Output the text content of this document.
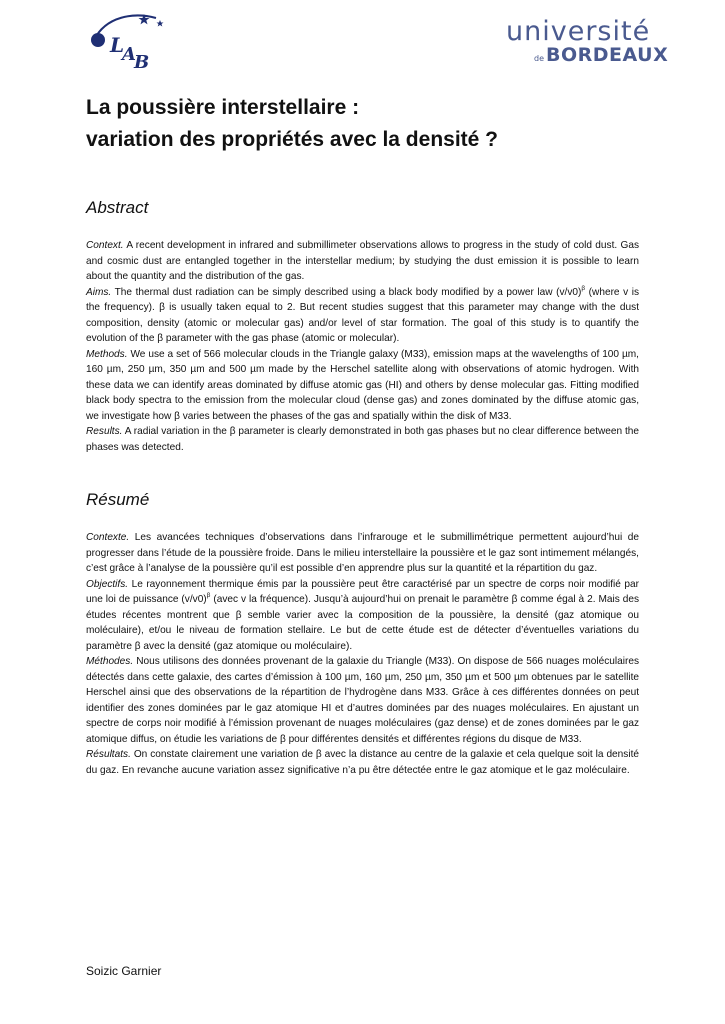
L
A
B
université
de BORDEAUX
La poussière interstellaire :
variation des propriétés avec la densité ?
Abstract

Context. A recent development in infrared and submillimeter observations allows to progress in the study of cold dust. Gas and cosmic dust are entangled together in the interstellar medium; by studying the dust emission it is possible to learn about the quantity and the distribution of the gas.

Aims. The thermal dust radiation can be simply described using a black body modified by a power law $(v/v0)^\beta$ (where v is the frequency). β is usually taken equal to 2. But recent studies suggest that this parameter may change with the dust composition, density (atomic or molecular gas) and/or level of star formation. The goal of this study is to quantify the evolution of the β parameter with the gas phase (atomic or molecular).

Methods. We use a set of 566 molecular clouds in the Triangle galaxy (M33), emission maps at the wavelengths of 100 µm, 160 µm, 250 µm, 350 µm and 500 µm made by the Herschel satellite along with observations of atomic hydrogen. With these data we can identify areas dominated by diffuse atomic gas (HI) and others by dense molecular gas. Fitting modified black body spectra to the emission from the molecular cloud (dense gas) and zones dominated by the diffuse atomic gas, we investigate how β varies between the phases of the gas and spatially within the disk of M33.

Results. A radial variation in the β parameter is clearly demonstrated in both gas phases but no clear difference between the phases was detected.

Résumé

Contexte. Les avancées techniques d’observations dans l’infrarouge et le submillimétrique permettent aujourd’hui de progresser dans l’étude de la poussière froide. Dans le milieu interstellaire la poussière et le gaz sont intimement mélangés, c’est grâce à l’analyse de la poussière qu’il est possible d’en apprendre plus sur la quantité et la répartition du gaz.

Objectifs. Le rayonnement thermique émis par la poussière peut être caractérisé par un spectre de corps noir modifié par une loi de puissance $(v/v0)^\beta$ (avec v la fréquence). Jusqu’à aujourd’hui on prenait le paramètre β comme égal à 2. Mais des études récentes montrent que β semble varier avec la composition de la poussière, la densité (gaz atomique ou moléculaire), et/ou le niveau de formation stellaire. Le but de cette étude est de détecter d’éventuelles variations du paramètre β avec la densité (gaz atomique ou moléculaire).

Méthodes. Nous utilisons des données provenant de la galaxie du Triangle (M33). On dispose de 566 nuages moléculaires détectés dans cette galaxie, des cartes d’émission à 100 µm, 160 µm, 250 µm, 350 µm et 500 µm obtenues par le satellite Herschel ainsi que des observations de la répartition de l’hydrogène dans M33. Grâce à ces différentes données on peut identifier des zones dominées par le gaz atomique HI et d’autres dominées par des nuages moléculaires. En ajustant un spectre de corps noir modifié à l’émission provenant de nuages moléculaires (gaz dense) et de zones dominées par le gaz atomique diffus, on étudie les variations de β pour différentes densités et différentes régions du disque de M33.

Résultats. On constate clairement une variation de β avec la distance au centre de la galaxie et cela quelque soit la densité du gaz. En revanche aucune variation assez significative n’a pu être détectée entre le gaz atomique et le gaz moléculaire.

Soizic Garnier
